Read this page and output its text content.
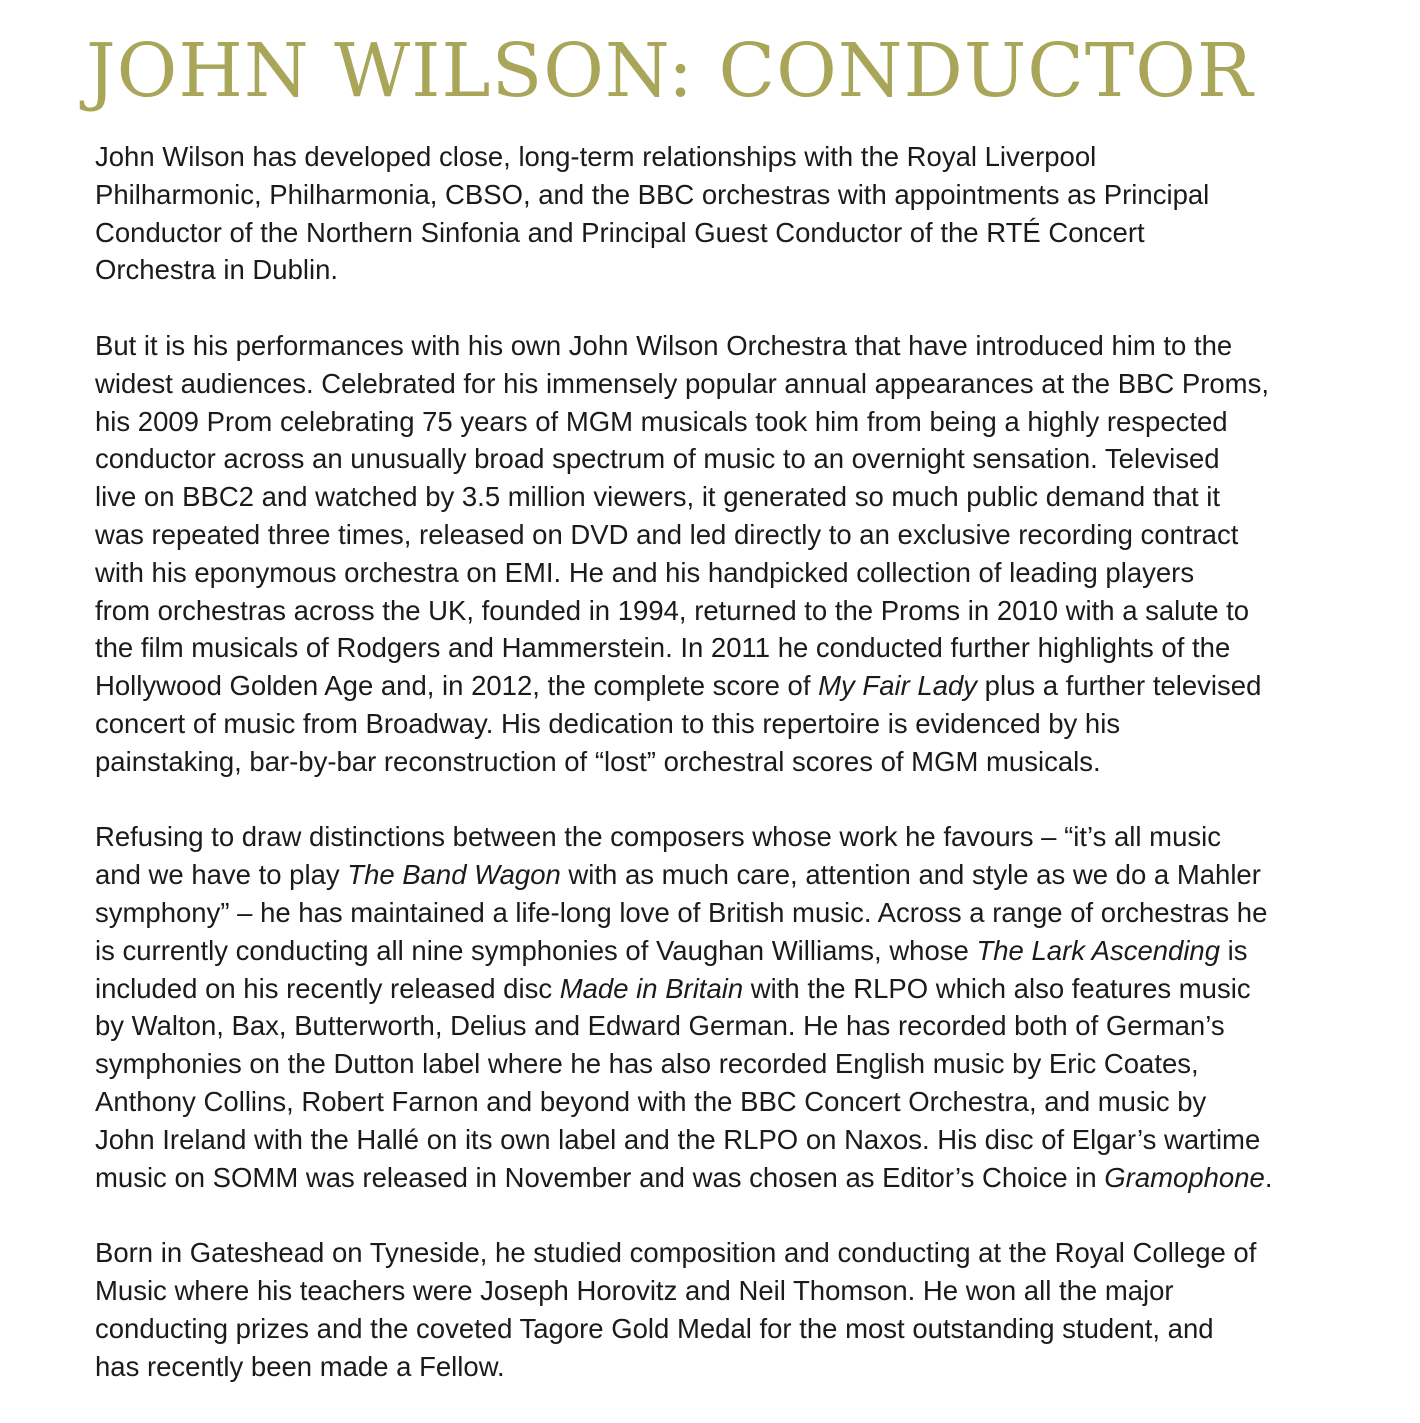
JOHN WILSON: CONDUCTOR

John Wilson has developed close, long-term relationships with the Royal Liverpool
Philharmonic, Philharmonia, CBSO, and the BBC orchestras with appointments as Principal
Conductor of the Northern Sinfonia and Principal Guest Conductor of the RTÉ Concert
Orchestra in Dublin.

But it is his performances with his own John Wilson Orchestra that have introduced him to the
widest audiences. Celebrated for his immensely popular annual appearances at the BBC Proms,
his 2009 Prom celebrating 75 years of MGM musicals took him from being a highly respected
conductor across an unusually broad spectrum of music to an overnight sensation. Televised
live on BBC2 and watched by 3.5 million viewers, it generated so much public demand that it
was repeated three times, released on DVD and led directly to an exclusive recording contract
with his eponymous orchestra on EMI. He and his handpicked collection of leading players
from orchestras across the UK, founded in 1994, returned to the Proms in 2010 with a salute to
the film musicals of Rodgers and Hammerstein. In 2011 he conducted further highlights of the
Hollywood Golden Age and, in 2012, the complete score of My Fair Lady plus a further televised
concert of music from Broadway. His dedication to this repertoire is evidenced by his
painstaking, bar-by-bar reconstruction of “lost” orchestral scores of MGM musicals.

Refusing to draw distinctions between the composers whose work he favours – “it’s all music
and we have to play The Band Wagon with as much care, attention and style as we do a Mahler
symphony” – he has maintained a life-long love of British music. Across a range of orchestras he
is currently conducting all nine symphonies of Vaughan Williams, whose The Lark Ascending is
included on his recently released disc Made in Britain with the RLPO which also features music
by Walton, Bax, Butterworth, Delius and Edward German. He has recorded both of German’s
symphonies on the Dutton label where he has also recorded English music by Eric Coates,
Anthony Collins, Robert Farnon and beyond with the BBC Concert Orchestra, and music by
John Ireland with the Hallé on its own label and the RLPO on Naxos. His disc of Elgar’s wartime
music on SOMM was released in November and was chosen as Editor’s Choice in Gramophone.

Born in Gateshead on Tyneside, he studied composition and conducting at the Royal College of
Music where his teachers were Joseph Horovitz and Neil Thomson. He won all the major
conducting prizes and the coveted Tagore Gold Medal for the most outstanding student, and
has recently been made a Fellow.
